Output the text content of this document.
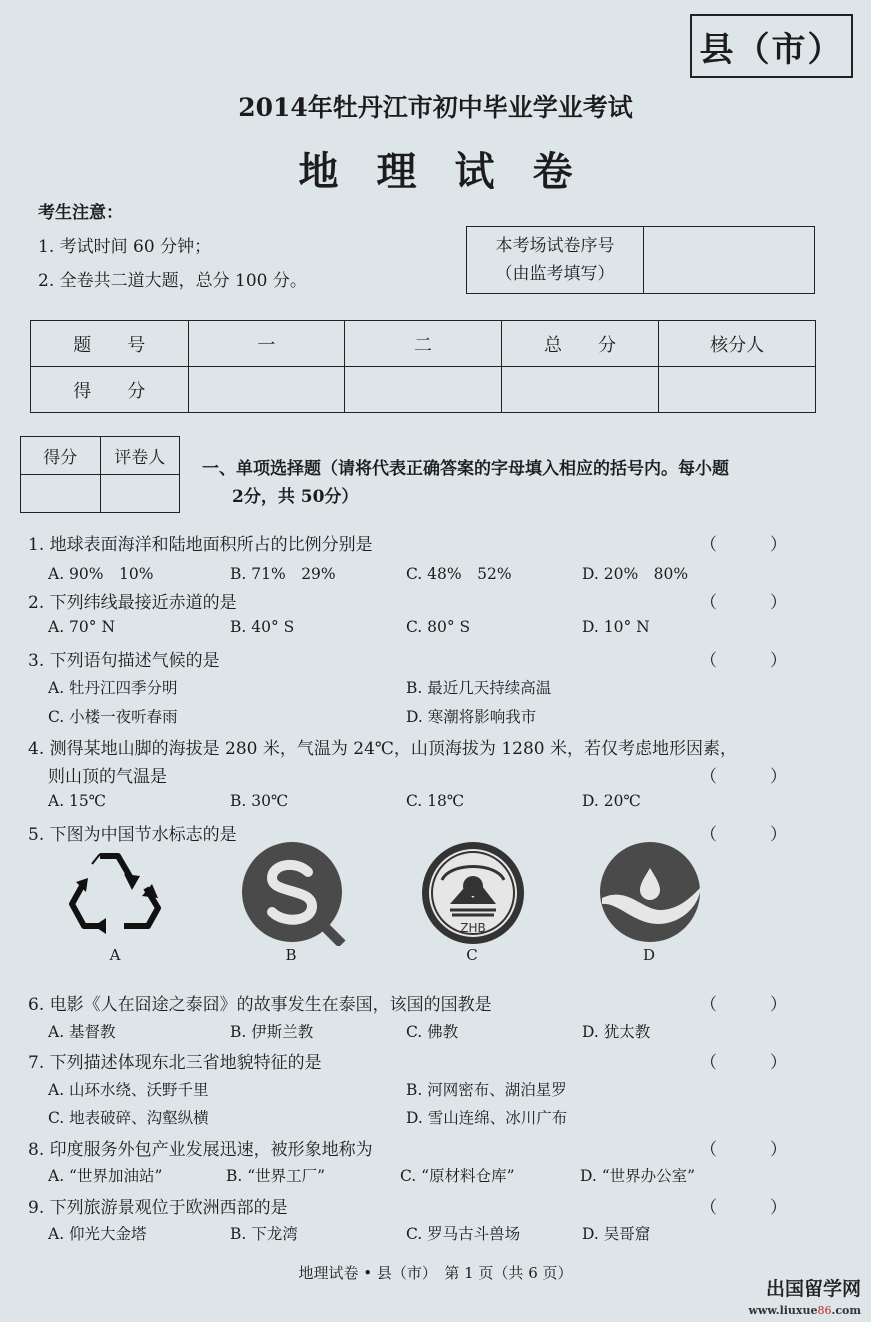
县（市）
2014年牡丹江市初中毕业学业考试
地理试卷
考生注意：
1. 考试时间 60 分钟；
2. 全卷共二道大题，总分 100 分。
本考场试卷序号
（由监考填写）

题　　号	一	二	总　　分	核分人
得　　分				
得分	评卷人

一、单项选择题（请将代表正确答案的字母填入相应的括号内。每小题
2分，共 50分）
1. 地球表面海洋和陆地面积所占的比例分别是	（　）
A. 90%　10%	B. 71%　29%	C. 48%　52%	D. 20%　80%
2. 下列纬线最接近赤道的是	（　）
A. 70° N	B. 40° S	C. 80° S	D. 10° N
3. 下列语句描述气候的是	（　）
A. 牡丹江四季分明	B. 最近几天持续高温
C. 小楼一夜听春雨	D. 寒潮将影响我市
4. 测得某地山脚的海拔是 280 米，气温为 24℃，山顶海拔为 1280 米，若仅考虑地形因素，
则山顶的气温是	（　）
A. 15℃	B. 30℃	C. 18℃	D. 20℃
5. 下图为中国节水标志的是	（　）
A	B
ZHB
C	D
6. 电影《人在囧途之泰囧》的故事发生在泰国，该国的国教是	（　）
A. 基督教	B. 伊斯兰教	C. 佛教	D. 犹太教
7. 下列描述体现东北三省地貌特征的是	（　）
A. 山环水绕、沃野千里	B. 河网密布、湖泊星罗
C. 地表破碎、沟壑纵横	D. 雪山连绵、冰川广布
8. 印度服务外包产业发展迅速，被形象地称为	（　）
A. “世界加油站”	B. “世界工厂”	C. “原材料仓库”	D. “世界办公室”
9. 下列旅游景观位于欧洲西部的是	（　）
A. 仰光大金塔	B. 下龙湾	C. 罗马古斗兽场	D. 吴哥窟
地理试卷 • 县（市）　第 1 页（共 6 页）
出国留学网
www.liuxue86.com
